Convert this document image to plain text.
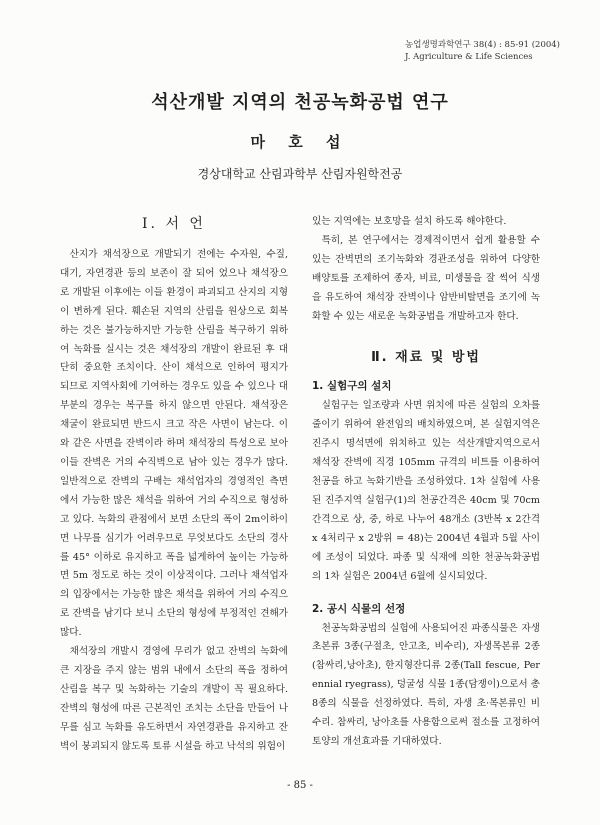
농업생명과학연구 38(4) : 85-91 (2004)
J. Agriculture & Life Sciences
석산개발 지역의 천공녹화공법 연구
마 호 섭
경상대학교 산림과학부 산림자원학전공
Ⅰ. 서 언

산지가 채석장으로 개발되기 전에는 수자원, 수질, 대기, 자연경관 등의 보존이 잘 되어 었으나 채석장으로 개발된 이후에는 이들 환경이 파괴되고 산지의 지형이 변하게 된다. 훼손된 지역의 산림을 원상으로 회복하는 것은 불가능하지만 가능한 산림을 복구하기 위하여 녹화를 실시는 것은 채석장의 개발이 완료된 후 대단히 중요한 조치이다. 산이 채석으로 인하여 평지가 되므로 지역사회에 기여하는 경우도 있을 수 있으나 대부분의 경우는 복구를 하지 않으면 안된다. 채석장은 채굴이 완료되면 반드시 크고 작은 사면이 남는다. 이와 같은 사면을 잔벽이라 하며 채석장의 특성으로 보아 이들 잔벽은 거의 수직벽으로 남아 있는 경우가 많다. 일반적으로 잔벽의 구배는 채석업자의 경영적인 측면에서 가능한 많은 채석을 위하여 거의 수직으로 형성하고 있다. 녹화의 관점에서 보면 소단의 폭이 2m이하이면 나무를 심기가 어려우므로 무엇보다도 소단의 경사를 45° 이하로 유지하고 폭을 넓게하여 높이는 가능하면 5m 정도로 하는 것이 이상적이다. 그러나 채석업자의 입장에서는 가능한 많은 채석을 위하여 거의 수직으로 잔벽을 남기다 보니 소단의 형성에 부정적인 견해가 많다.

채석장의 개발시 경영에 무리가 없고 잔벽의 녹화에 큰 지장을 주지 않는 범위 내에서 소단의 폭을 정하여 산림을 복구 및 녹화하는 기술의 개발이 꼭 필요하다. 잔벽의 형성에 따른 근본적인 조치는 소단을 만들어 나무를 심고 녹화를 유도하면서 자연경관을 유지하고 잔벽이 붕괴되지 않도록 토류 시설을 하고 낙석의 위험이

있는 지역에는 보호망을 설치 하도록 해야한다.

특히, 본 연구에서는 경제적이면서 쉽게 활용할 수 있는 잔벽면의 조기녹화와 경관조성을 위하여 다양한 배양토를 조제하여 종자, 비료, 미생물을 잘 썩어 식생을 유도하여 채석장 잔벽이나 암반비탈면을 조기에 녹화할 수 있는 새로운 녹화공법을 개발하고자 한다.

Ⅱ. 재료 및 방법
1. 실험구의 설치

실험구는 일조량과 사면 위치에 따른 실험의 오차를 줄이기 위하여 완전임의 배치하였으며, 본 실험지역은 진주시 명석면에 위치하고 있는 석산개발지역으로서 채석장 잔벽에 직경 105mm 규격의 비트를 이용하여 천공을 하고 녹화기반을 조성하였다. 1차 실험에 사용된 진주지역 실험구(1)의 천공간격은 40cm 및 70cm 간격으로 상, 중, 하로 나누어 48개소 (3반복 x 2간격 x 4처리구 x 2방위 = 48)는 2004년 4월과 5월 사이에 조성이 되었다. 파종 및 식재에 의한 천공녹화공법의 1차 실험은 2004년 6월에 실시되었다.

2. 공시 식물의 선정

천공녹화공법의 실험에 사용되어진 파종식물은 자생초본류 3종(구절초, 안고초, 비수리), 자생목본류 2종(참싸리,낭아초), 한지형잔디류 2종(Tall fescue, Perennial ryegrass), 덩굴성 식물 1종(담쟁이)으로서 총 8종의 식물을 선정하였다. 특히, 자생 초·목본류인 비수리. 참싸리, 낭아초를 사용함으로써 절소를 고정하여 토양의 개선효과를 기대하였다.

- 85 -
